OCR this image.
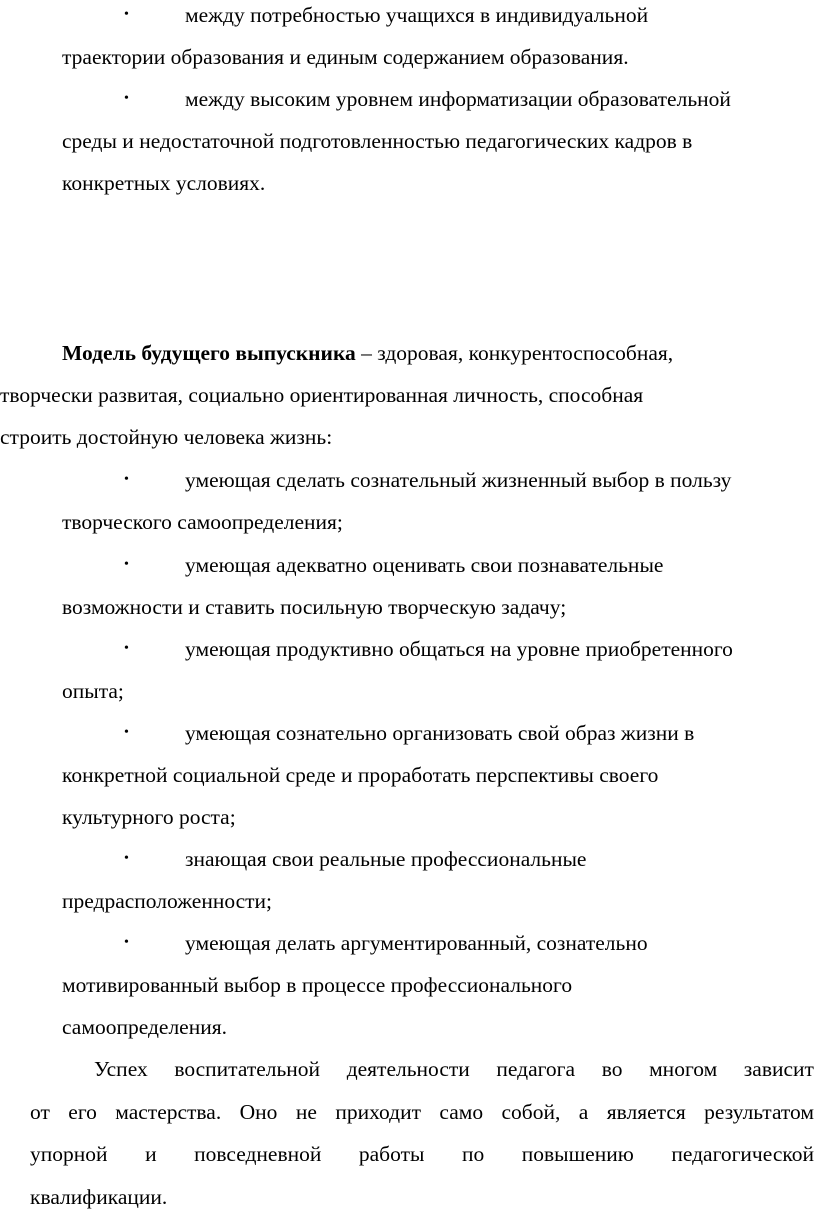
•	между потребностью учащихся в индивидуальной
траектории образования и единым содержанием образования.
•	между высоким уровнем информатизации образовательной
среды и недостаточной подготовленностью педагогических кадров в
конкретных условиях.
Модель будущего выпускника – здоровая, конкурентоспособная,
творчески развитая, социально ориентированная личность, способная
строить достойную человека жизнь:
•	умеющая сделать сознательный жизненный выбор в пользу
творческого самоопределения;
•	умеющая адекватно оценивать свои познавательные
возможности и ставить посильную творческую задачу;
•	умеющая продуктивно общаться на уровне приобретенного
опыта;
•	умеющая сознательно организовать свой образ жизни в
конкретной социальной среде и проработать перспективы своего
культурного роста;
•	знающая свои реальные профессиональные
предрасположенности;
•	умеющая делать аргументированный, сознательно
мотивированный выбор в процессе профессионального
самоопределения.
Успех воспитательной деятельности педагога во многом зависит
от его мастерства. Оно не приходит само собой, а является результатом
упорной и повседневной работы по повышению педагогической
квалификации.
